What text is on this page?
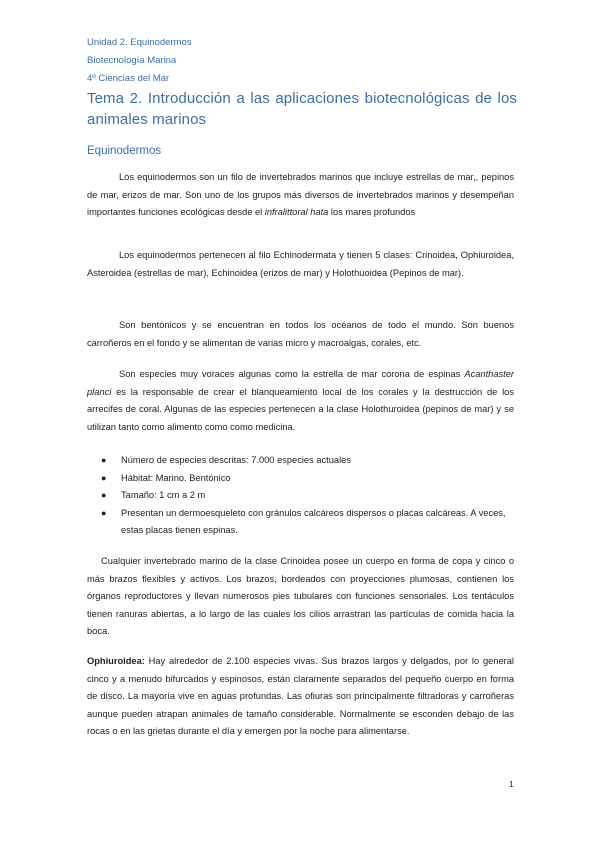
Unidad 2. Equinodermos
Biotecnología Marina
4º Ciencias del Mar
Tema 2. Introducción a las aplicaciones biotecnológicas de los animales marinos
Equinodermos
Los equinodermos son un filo de invertebrados marinos que incluye estrellas de mar,, pepinos de mar, erizos de mar. Son uno de los grupos más diversos de invertebrados marinos y desempeñan importantes funciones ecológicas desde el infralittoral hata los mares profundos
Los equinodermos pertenecen al filo Echinodermata y tienen 5 clases: Crinoidea, Ophiuroidea, Asteroidea (estrellas de mar), Echinoidea (erizos de mar) y Holothuoidea (Pepinos de mar).
Son bentónicos y se encuentran en todos los océanos de todo el mundo. Son buenos carroñeros en el fondo y se alimentan de varias micro y macroalgas, corales, etc.
Son especies muy voraces algunas como la estrella de mar corona de espinas Acanthaster planci es la responsable de crear el blanqueamiento local de los corales y la destrucción de los arrecifes de coral. Algunas de las especies pertenecen a la clase Holothuroidea (pepinos de mar) y se utilizan tanto como alimento como como medicina.
● Número de especies descritas: 7.000 especies actuales
● Hábitat: Marino. Bentónico
● Tamaño: 1 cm a 2 m
● Presentan un dermoesqueleto con gránulos calcáreos dispersos o placas calcáreas. A veces, estas placas tienen espinas.
Cualquier invertebrado marino de la clase Crinoidea posee un cuerpo en forma de copa y cinco o más brazos flexibles y activos. Los brazos, bordeados con proyecciones plumosas, contienen los órganos reproductores y llevan numerosos pies tubulares con funciones sensoriales. Los tentáculos tienen ranuras abiertas, a lo largo de las cuales los cilios arrastran las partículas de comida hacia la boca.
Ophiuroidea: Hay alrededor de 2.100 especies vivas. Sus brazos largos y delgados, por lo general cinco y a menudo bifurcados y espinosos, están claramente separados del pequeño cuerpo en forma de disco. La mayoría vive en aguas profundas. Las ofiuras son principalmente filtradoras y carroñeras aunque pueden atrapan animales de tamaño considerable. Normalmente se esconden debajo de las rocas o en las grietas durante el día y emergen por la noche para alimentarse.
1
